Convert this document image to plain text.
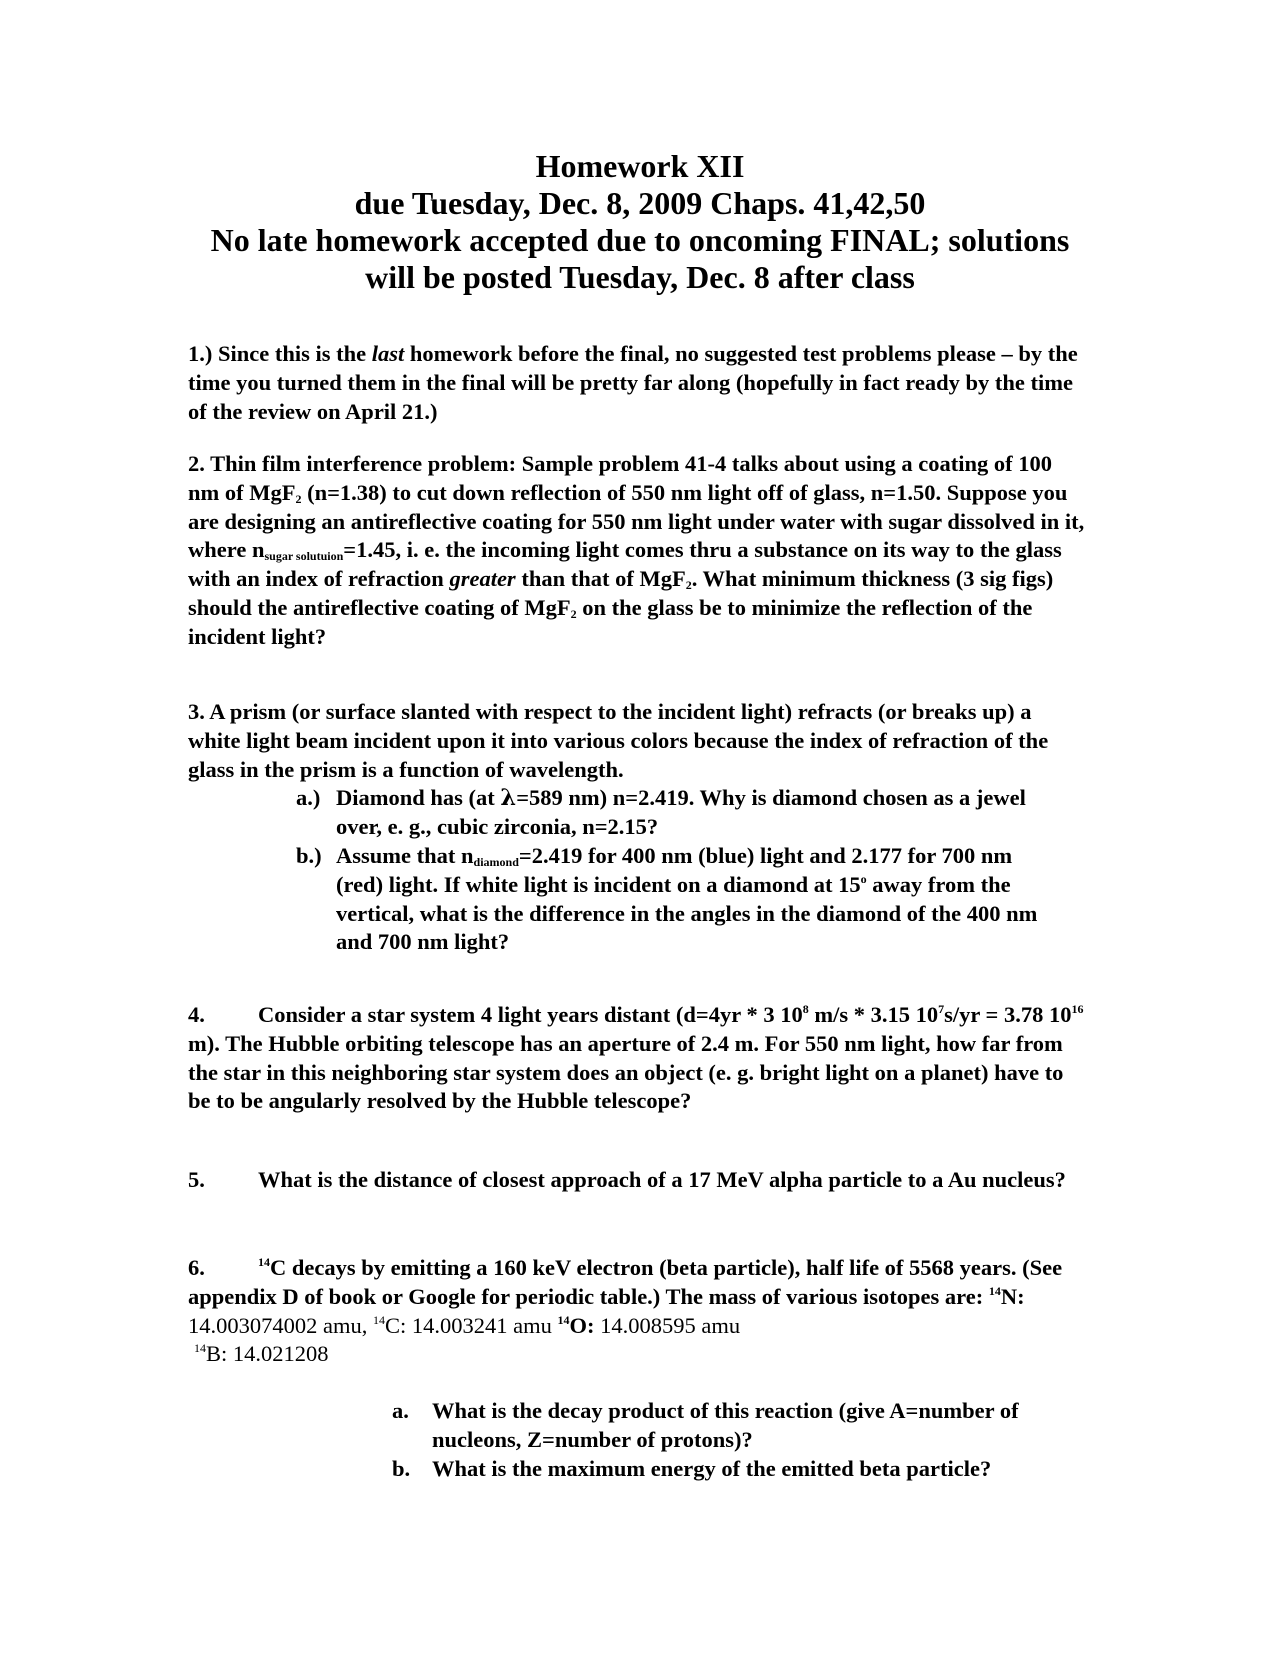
Homework XII
due Tuesday, Dec. 8, 2009 Chaps. 41,42,50
No late homework accepted due to oncoming FINAL; solutions
will be posted Tuesday, Dec. 8 after class
1.) Since this is the last homework before the final, no suggested test problems please – by the time you turned them in the final will be pretty far along (hopefully in fact ready by the time of the review on April 21.)
2. Thin film interference problem: Sample problem 41-4 talks about using a coating of 100 nm of MgF$_2$ (n=1.38) to cut down reflection of 550 nm light off of glass, n=1.50. Suppose you are designing an antireflective coating for 550 nm light under water with sugar dissolved in it, where $n_{sugar solutuion}=1.45$, i. e. the incoming light comes thru a substance on its way to the glass with an index of refraction greater than that of MgF$_2$. What minimum thickness (3 sig figs) should the antireflective coating of MgF$_2$ on the glass be to minimize the reflection of the incident light?
3. A prism (or surface slanted with respect to the incident light) refracts (or breaks up) a white light beam incident upon it into various colors because the index of refraction of the glass in the prism is a function of wavelength.
a.) Diamond has (at λ=589 nm) n=2.419. Why is diamond chosen as a jewel over, e. g., cubic zirconia, n=2.15?
b.) Assume that $n_{diamond}=2.419$ for 400 nm (blue) light and 2.177 for 700 nm (red) light. If white light is incident on a diamond at 15$^o$ away from the vertical, what is the difference in the angles in the diamond of the 400 nm and 700 nm light?
4. Consider a star system 4 light years distant (d=4yr * 3 $10^8$ m/s * 3.15 $10^7s/yr = 3.78$ $10^{16}$ m). The Hubble orbiting telescope has an aperture of 2.4 m. For 550 nm light, how far from the star in this neighboring star system does an object (e. g. bright light on a planet) have to be to be angularly resolved by the Hubble telescope?
5. What is the distance of closest approach of a 17 MeV alpha particle to a Au nucleus?
6.	$^{14}$C decays by emitting a 160 keV electron (beta particle), half life of 5568 years. (See appendix D of book or Google for periodic table.) The mass of various isotopes are: $^{14}$N: 14.003074002 amu, $^{14}$C: 14.003241 amu $^{14}$O: 14.008595 amu
$^{14}$B: 14.021208
a. What is the decay product of this reaction (give A=number of nucleons, Z=number of protons)?
b. What is the maximum energy of the emitted beta particle?
